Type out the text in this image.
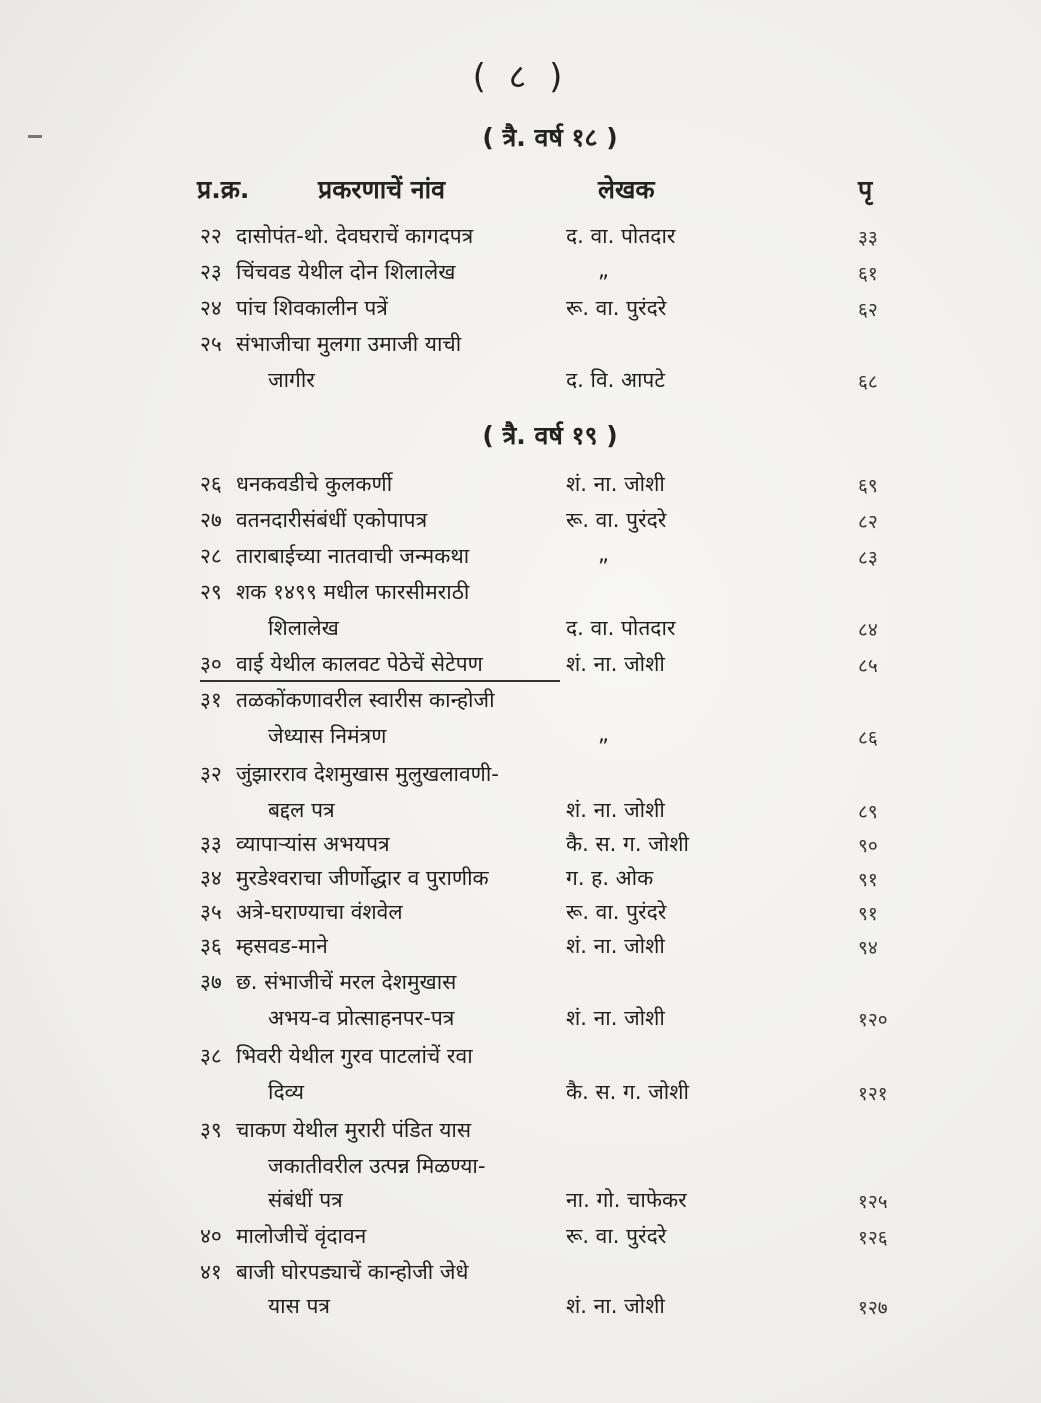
( ८ )
( त्रै. वर्ष १८ )
प्र.क्र.	प्रकरणाचें नांव	लेखक	पृ
( त्रै. वर्ष १९ )
२२ दासोपंत-थो. देवघराचें कागदपत्र	द. वा. पोतदार	३३
२३ चिंचवड येथील दोन शिलालेख	„	६१
२४ पांच शिवकालीन पत्रें	रू. वा. पुरंदरे	६२
२५ संभाजीचा मुलगा उमाजी याची
जागीर	द. वि. आपटे	६८
२६ धनकवडीचे कुलकर्णी	शं. ना. जोशी	६९
२७ वतनदारीसंबंधीं एकोपापत्र	रू. वा. पुरंदरे	८२
२८ ताराबाईच्या नातवाची जन्मकथा	„	८३
२९ शक १४९९ मधील फारसीमराठी
शिलालेख	द. वा. पोतदार	८४
३० वाई येथील कालवट पेठेचें सेटेपण	शं. ना. जोशी	८५
३१ तळकोंकणावरील स्वारीस कान्होजी
जेध्यास निमंत्रण	„	८६
३२ जुंझारराव देशमुखास मुलुखलावणी-
बद्दल पत्र	शं. ना. जोशी	८९
३३ व्यापाऱ्यांस अभयपत्र	कै. स. ग. जोशी	९०
३४ मुरडेश्वराचा जीर्णोद्धार व पुराणीक	ग. ह. ओक	९१
३५ अत्रे-घराण्याचा वंशवेल	रू. वा. पुरंदरे	९१
३६ म्हसवड-माने	शं. ना. जोशी	९४
३७ छ. संभाजीचें मरल देशमुखास
अभय-व प्रोत्साहनपर-पत्र	शं. ना. जोशी	१२०
३८ भिवरी येथील गुरव पाटलांचें रवा
दिव्य	कै. स. ग. जोशी	१२१
३९ चाकण येथील मुरारी पंडित यास
जकातीवरील उत्पन्न मिळण्या-
संबंधीं पत्र	ना. गो. चाफेकर	१२५
४० मालोजीचें वृंदावन	रू. वा. पुरंदरे	१२६
४१ बाजी घोरपड्याचें कान्होजी जेधे
यास पत्र	शं. ना. जोशी	१२७
